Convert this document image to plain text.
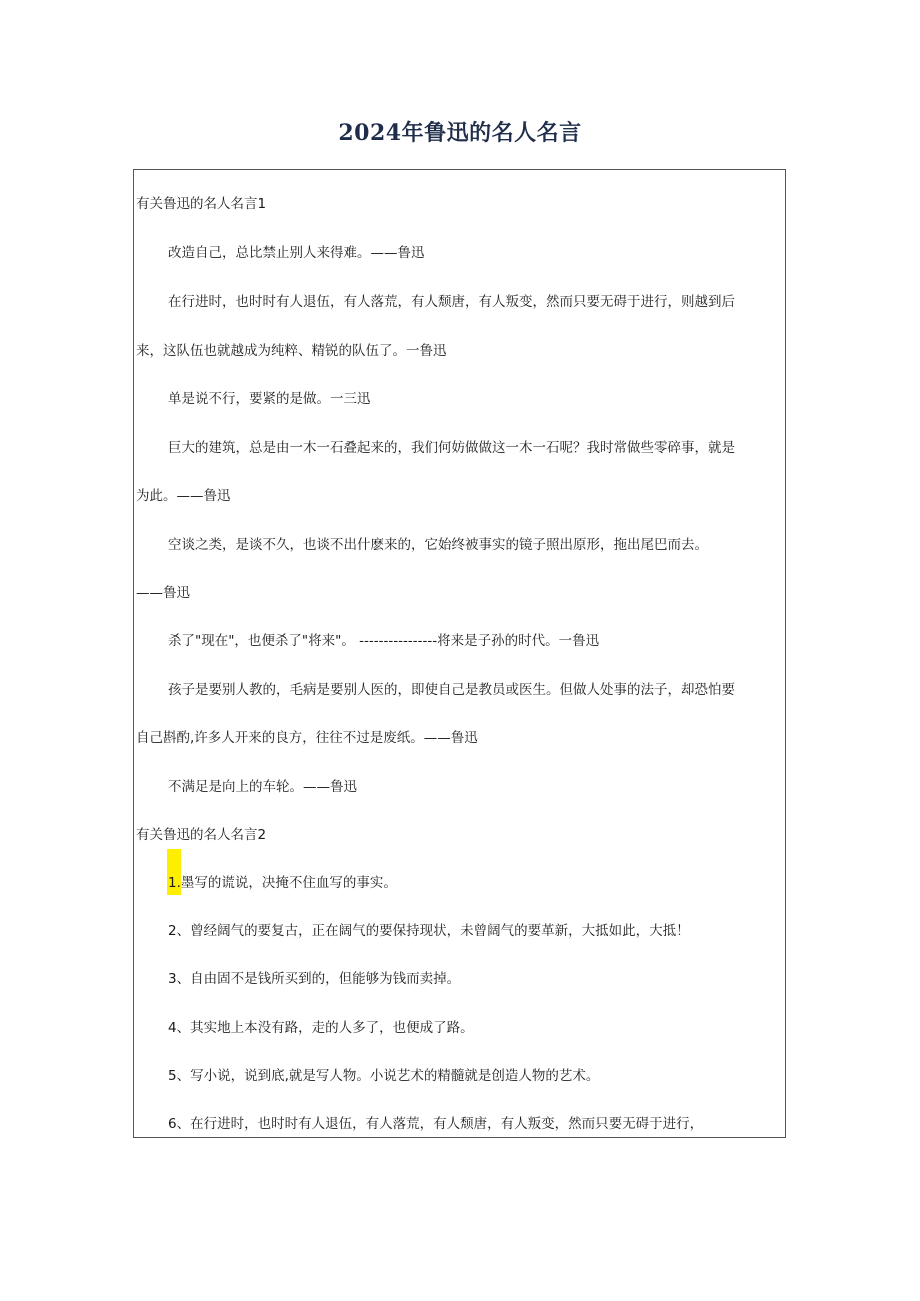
2024年鲁迅的名人名言
有关鲁迅的名人名言1
改造自己，总比禁止别人来得难。——鲁迅
在行进时，也时时有人退伍，有人落荒，有人颓唐，有人叛变，然而只要无碍于进行，则越到后
来，这队伍也就越成为纯粹、精锐的队伍了。一鲁迅
单是说不行，要紧的是做。一三迅
巨大的建筑，总是由一木一石叠起来的，我们何妨做做这一木一石呢？我时常做些零碎事，就是
为此。——鲁迅
空谈之类，是谈不久，也谈不出什麽来的，它始终被事实的镜子照出原形，拖出尾巴而去。
——鲁迅
杀了"现在"，也便杀了"将来"。 ----------------将来是子孙的时代。一鲁迅
孩子是要别人教的，毛病是要别人医的，即使自己是教员或医生。但做人处事的法子，却恐怕要
自己斟酌,许多人开来的良方，往往不过是废纸。——鲁迅
不满足是向上的车轮。——鲁迅
有关鲁迅的名人名言2
1.墨写的谎说，决掩不住血写的事实。
2、曾经阔气的要复古，正在阔气的要保持现状，未曾阔气的要革新，大抵如此，大抵！
3、自由固不是钱所买到的，但能够为钱而卖掉。
4、其实地上本没有路，走的人多了，也便成了路。
5、写小说，说到底,就是写人物。小说艺术的精髓就是创造人物的艺术。
6、在行进时，也时时有人退伍，有人落荒，有人颓唐，有人叛变，然而只要无碍于进行，
